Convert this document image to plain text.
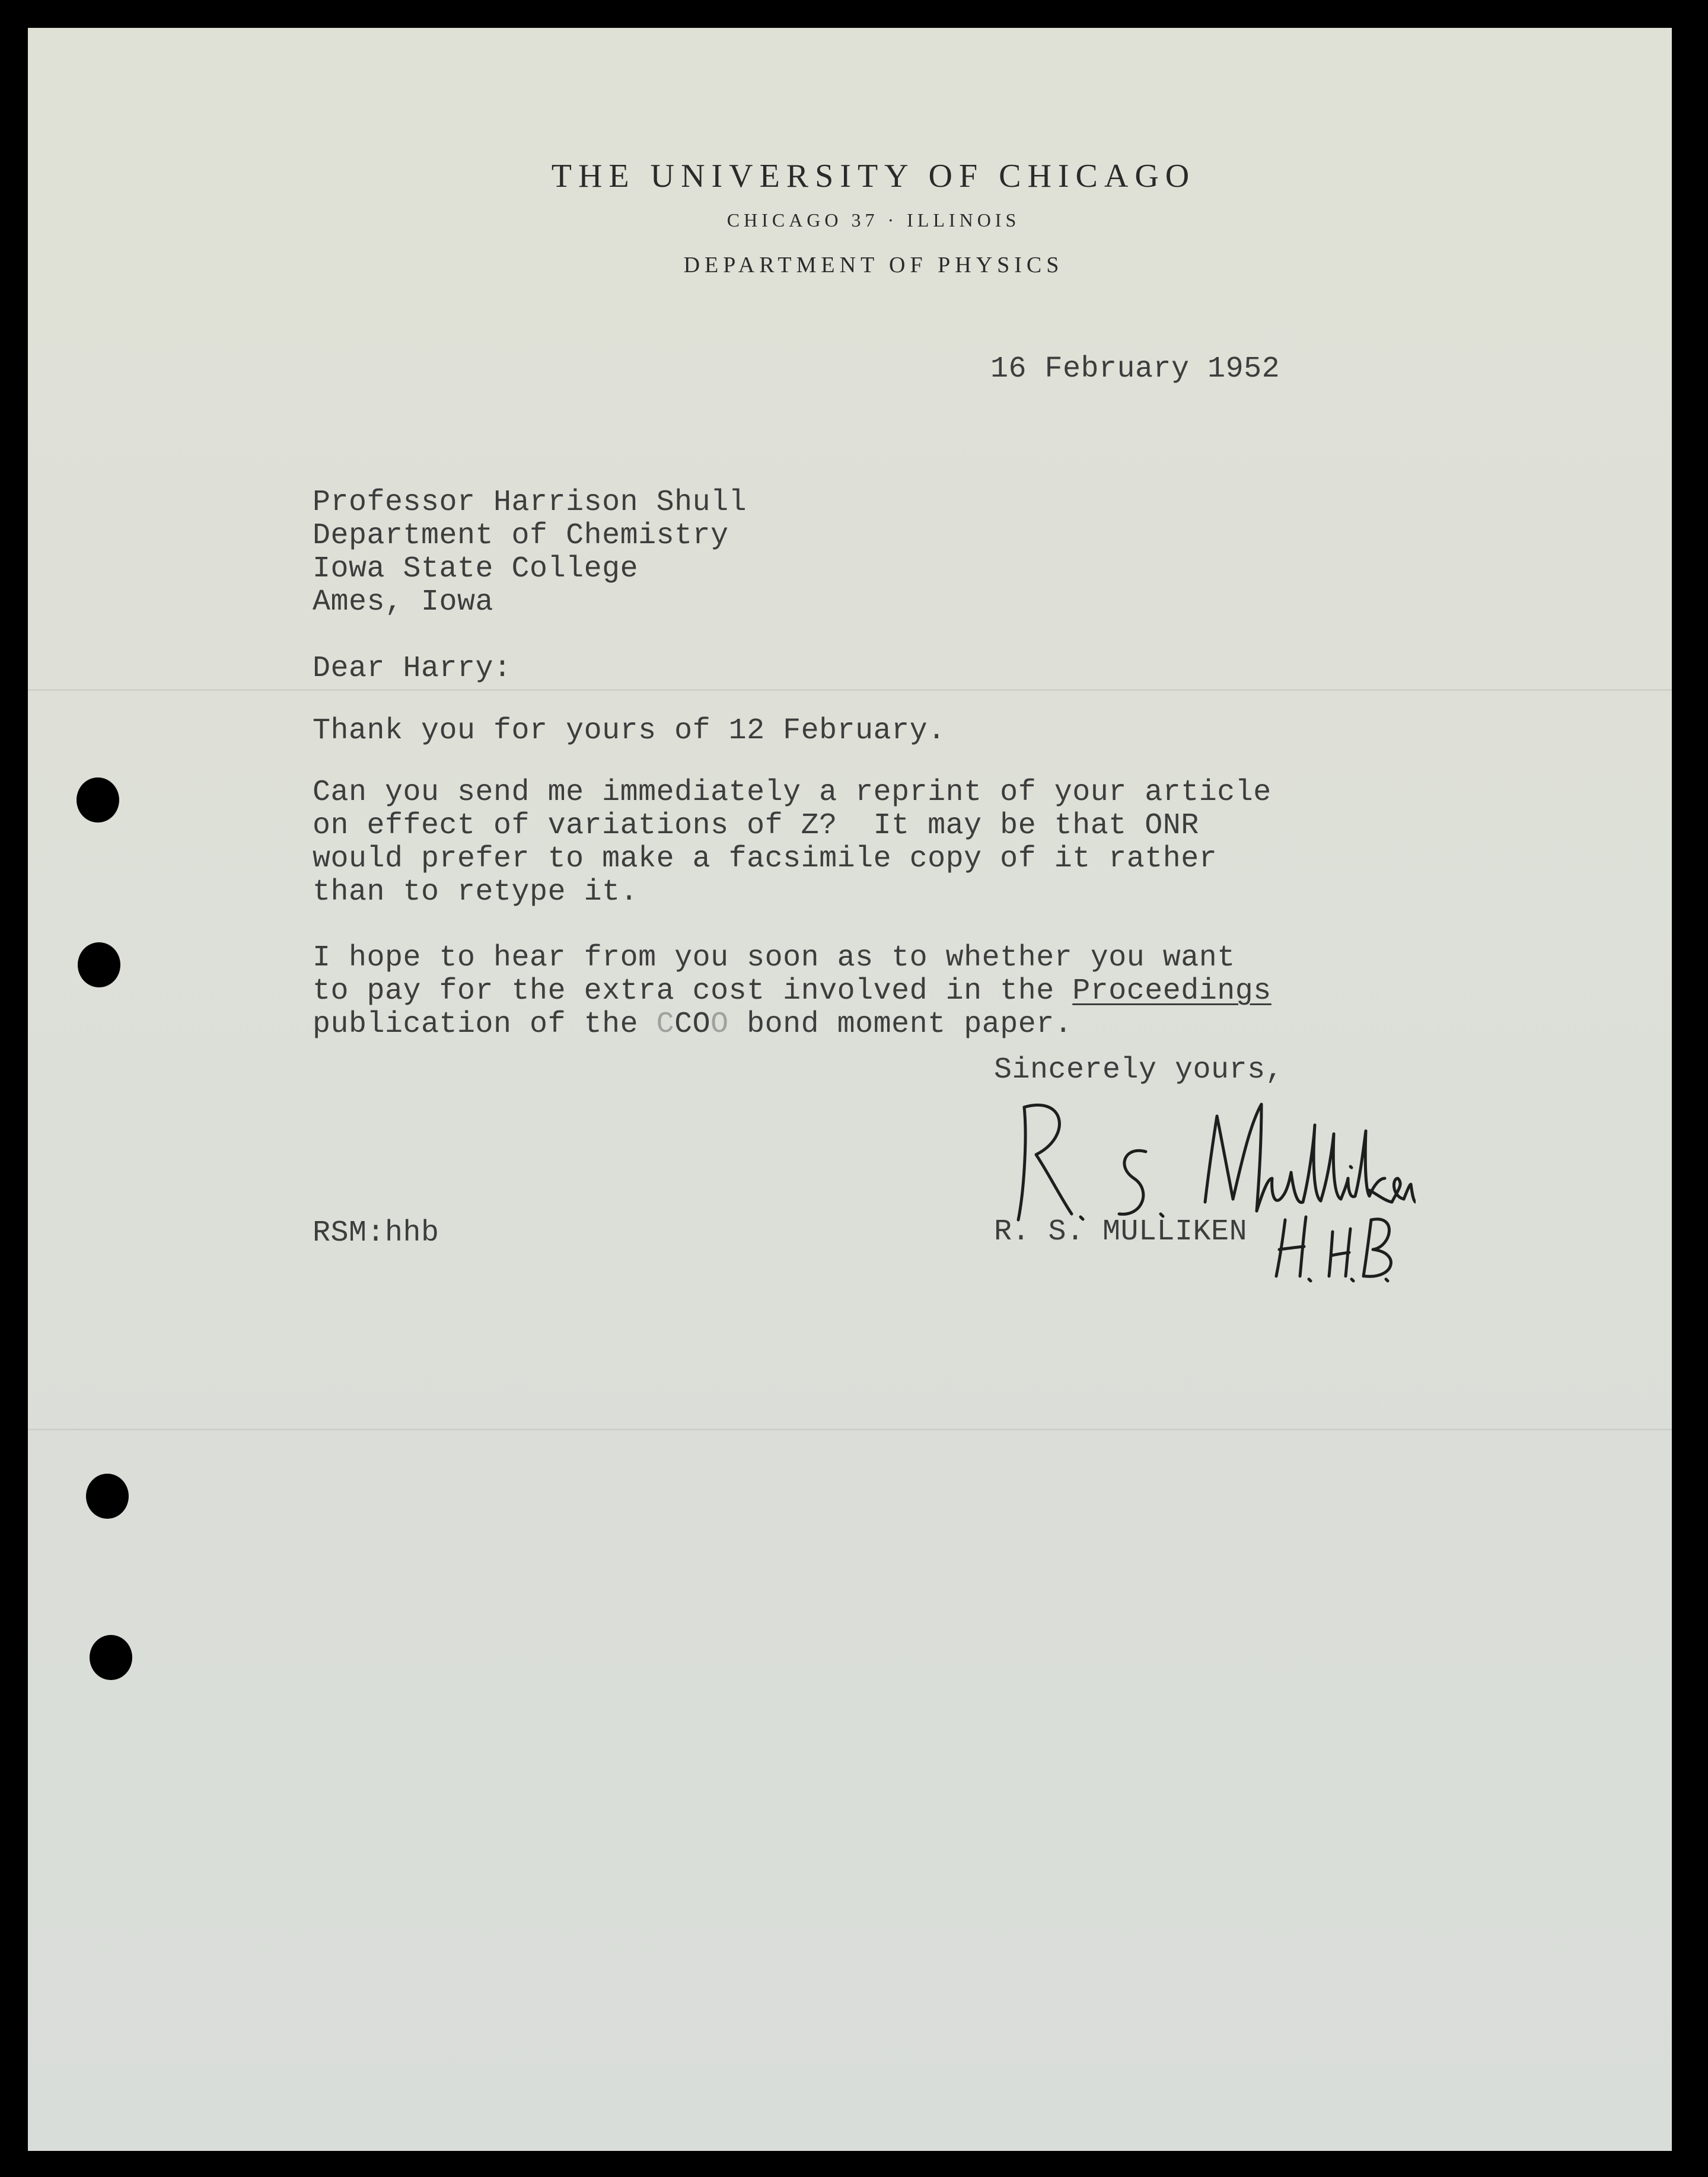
THE UNIVERSITY OF CHICAGO
CHICAGO 37 · ILLINOIS
DEPARTMENT OF PHYSICS
16 February 1952
Professor Harrison Shull
Department of Chemistry
Iowa State College
Ames, Iowa
Dear Harry:
Thank you for yours of 12 February.
Can you send me immediately a reprint of your article
on effect of variations of Z?  It may be that ONR
would prefer to make a facsimile copy of it rather
than to retype it.
I hope to hear from you soon as to whether you want
to pay for the extra cost involved in the Proceedings
publication of the CCOO bond moment paper.
Sincerely yours,
RSM:hhb	R. S. MULLIKEN
